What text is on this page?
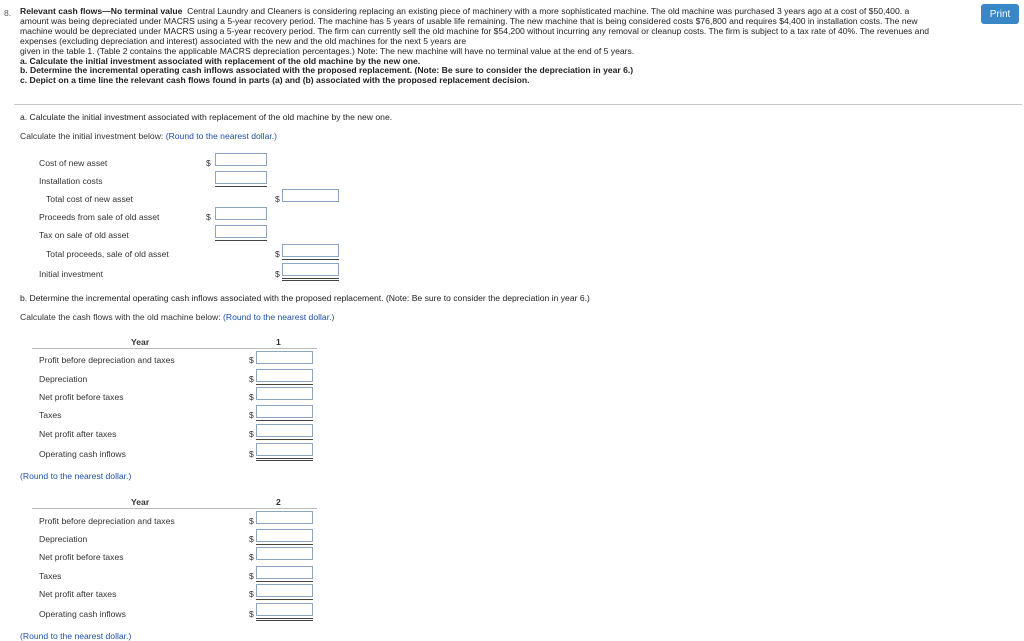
8. Relevant cash flows—No terminal value Central Laundry and Cleaners is considering replacing an existing piece of machinery with a more sophisticated machine. The old machine was purchased 3 years ago at a cost of $50,400. a

amount was being depreciated under MACRS using a 5-year recovery period. The machine has 5 years of usable life remaining. The new machine that is being considered costs $76,800 and requires $4,400 in installation costs. The new

machine would be depreciated under MACRS using a 5-year recovery period. The firm can currently sell the old machine for $54,200 without incurring any removal or cleanup costs. The firm is subject to a tax rate of 40%. The revenues and

expenses (excluding depreciation and interest) associated with the new and the old machines for the next 5 years are

given in the table 1. (Table 2 contains the applicable MACRS depreciation percentages.) Note: The new machine will have no terminal value at the end of 5 years.

a. Calculate the initial investment associated with replacement of the old machine by the new one.

b. Determine the incremental operating cash inflows associated with the proposed replacement. (Note: Be sure to consider the depreciation in year 6.)

c. Depict on a time line the relevant cash flows found in parts (a) and (b) associated with the proposed replacement decision.

Print
a. Calculate the initial investment associated with replacement of the old machine by the new one.
Calculate the initial investment below: (Round to the nearest dollar.)
Cost of new asset	$
Installation costs
Total cost of new asset	$
Proceeds from sale of old asset	$
Tax on sale of old asset
Total proceeds, sale of old asset	$
Initial investment	$
b. Determine the incremental operating cash inflows associated with the proposed replacement. (Note: Be sure to consider the depreciation in year 6.)
Calculate the cash flows with the old machine below: (Round to the nearest dollar.)
Year	1
Profit before depreciation and taxes	$
Depreciation	$
Net profit before taxes	$
Taxes	$
Net profit after taxes	$
Operating cash inflows	$
(Round to the nearest dollar.)
Year	2
Profit before depreciation and taxes	$
Depreciation	$
Net profit before taxes	$
Taxes	$
Net profit after taxes	$
Operating cash inflows	$
(Round to the nearest dollar.)
